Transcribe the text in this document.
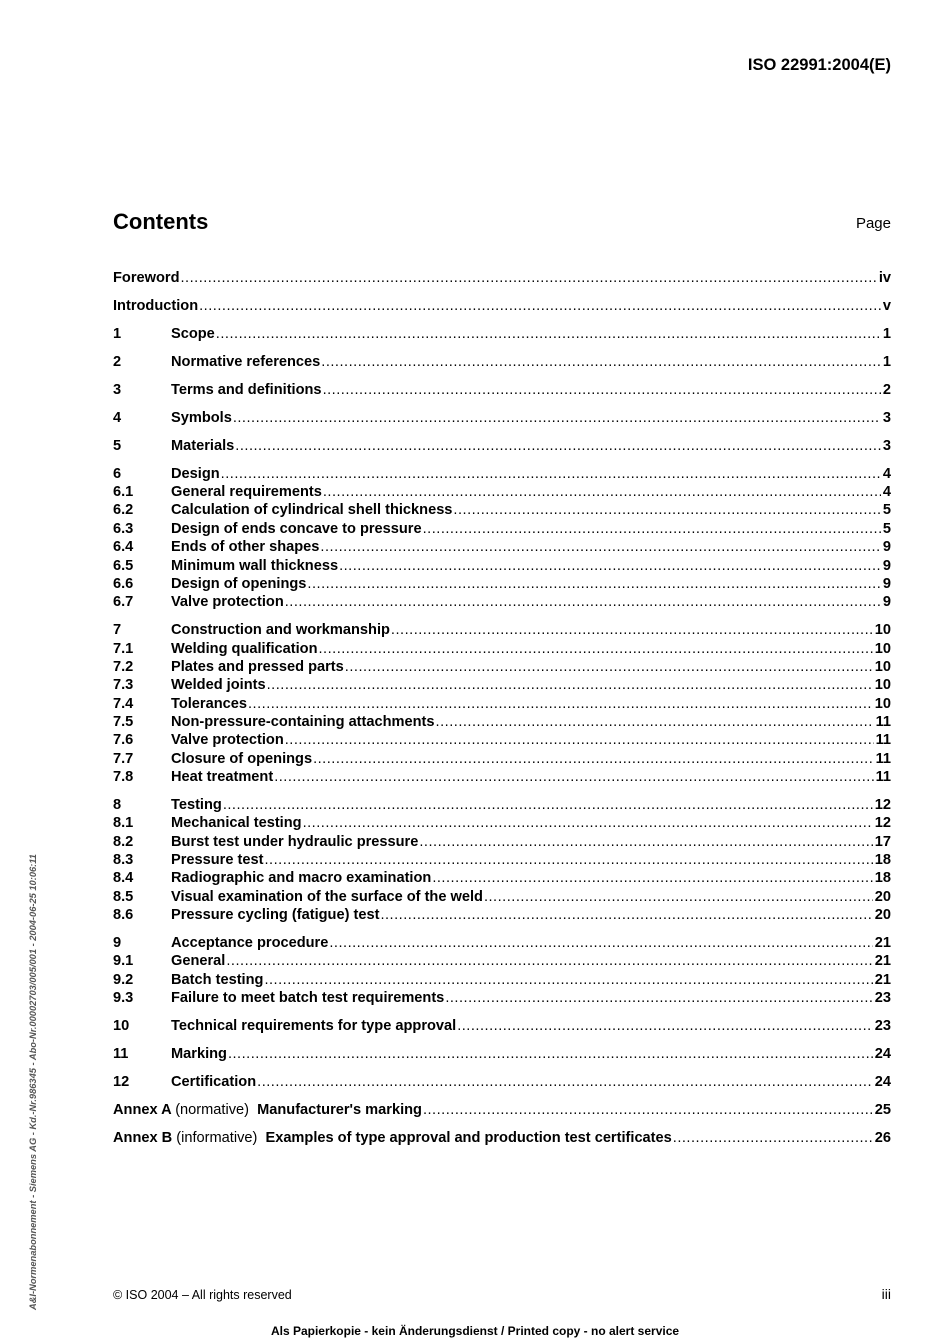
ISO 22991:2004(E)
Contents	Page
Foreword .....	iv
Introduction .....	v
1	Scope .....	1
2	Normative references .....	1
3	Terms and definitions .....	2
4	Symbols .....	3
5	Materials .....	3
6	Design .....	4
6.1	General requirements .....	4
6.2	Calculation of cylindrical shell thickness .....	5
6.3	Design of ends concave to pressure .....	5
6.4	Ends of other shapes .....	9
6.5	Minimum wall thickness .....	9
6.6	Design of openings .....	9
6.7	Valve protection .....	9
7	Construction and workmanship .....	10
7.1	Welding qualification .....	10
7.2	Plates and pressed parts .....	10
7.3	Welded joints .....	10
7.4	Tolerances .....	10
7.5	Non-pressure-containing attachments .....	11
7.6	Valve protection .....	11
7.7	Closure of openings .....	11
7.8	Heat treatment .....	11
8	Testing .....	12
8.1	Mechanical testing .....	12
8.2	Burst test under hydraulic pressure .....	17
8.3	Pressure test .....	18
8.4	Radiographic and macro examination .....	18
8.5	Visual examination of the surface of the weld .....	20
8.6	Pressure cycling (fatigue) test .....	20
9	Acceptance procedure .....	21
9.1	General .....	21
9.2	Batch testing .....	21
9.3	Failure to meet batch test requirements .....	23
10	Technical requirements for type approval .....	23
11	Marking .....	24
12	Certification .....	24
Annex A (normative) Manufacturer's marking .....	25
Annex B (informative) Examples of type approval and production test certificates .....	26
© ISO 2004 – All rights reserved	iii
Als Papierkopie - kein Änderungsdienst / Printed copy - no alert service
A&I-Normenabonnement - Siemens AG - Kd.-Nr.986345 - Abo-Nr.00002703/005/001 - 2004-06-25 10:06:11
